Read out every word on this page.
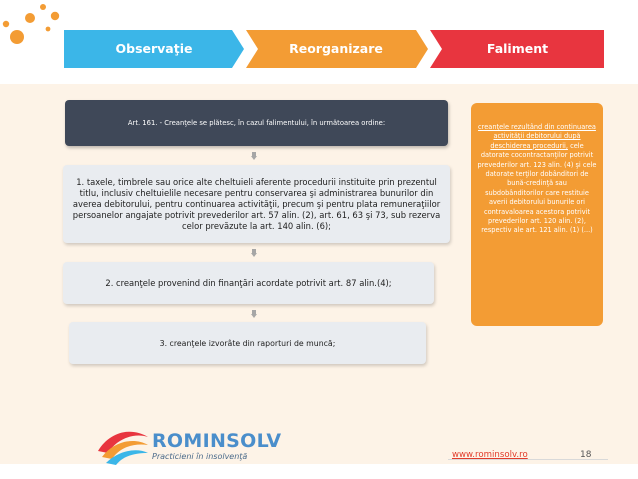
Observaţie	Reorganizare	Faliment
Art. 161. - Creanţele se plătesc, în cazul falimentului, în următoarea ordine:
1. taxele, timbrele sau orice alte cheltuieli aferente procedurii instituite prin prezentul titlu, inclusiv cheltuielile necesare pentru conservarea şi administrarea bunurilor din averea debitorului, pentru continuarea activităţii, precum şi pentru plata remuneraţiilor persoanelor angajate potrivit prevederilor art. 57 alin. (2), art. 61, 63 şi 73, sub rezerva celor prevăzute la art. 140 alin. (6);
2. creanţele provenind din finanţări acordate potrivit art. 87 alin.(4);
3. creanţele izvorâte din raporturi de muncă;
creanţele rezultând din continuarea activităţii debitorului după deschiderea procedurii, cele datorate cocontractanţilor potrivit prevederilor art. 123 alin. (4) şi cele datorate terţilor dobânditori de bună-credinţă sau subdobânditorilor care restituie averii debitorului bunurile ori contravaloarea acestora potrivit prevederilor art. 120 alin. (2), respectiv ale art. 121 alin. (1) (...)
ROMINSOLV
Practicieni în insolvenţă	www.rominsolv.ro	18
